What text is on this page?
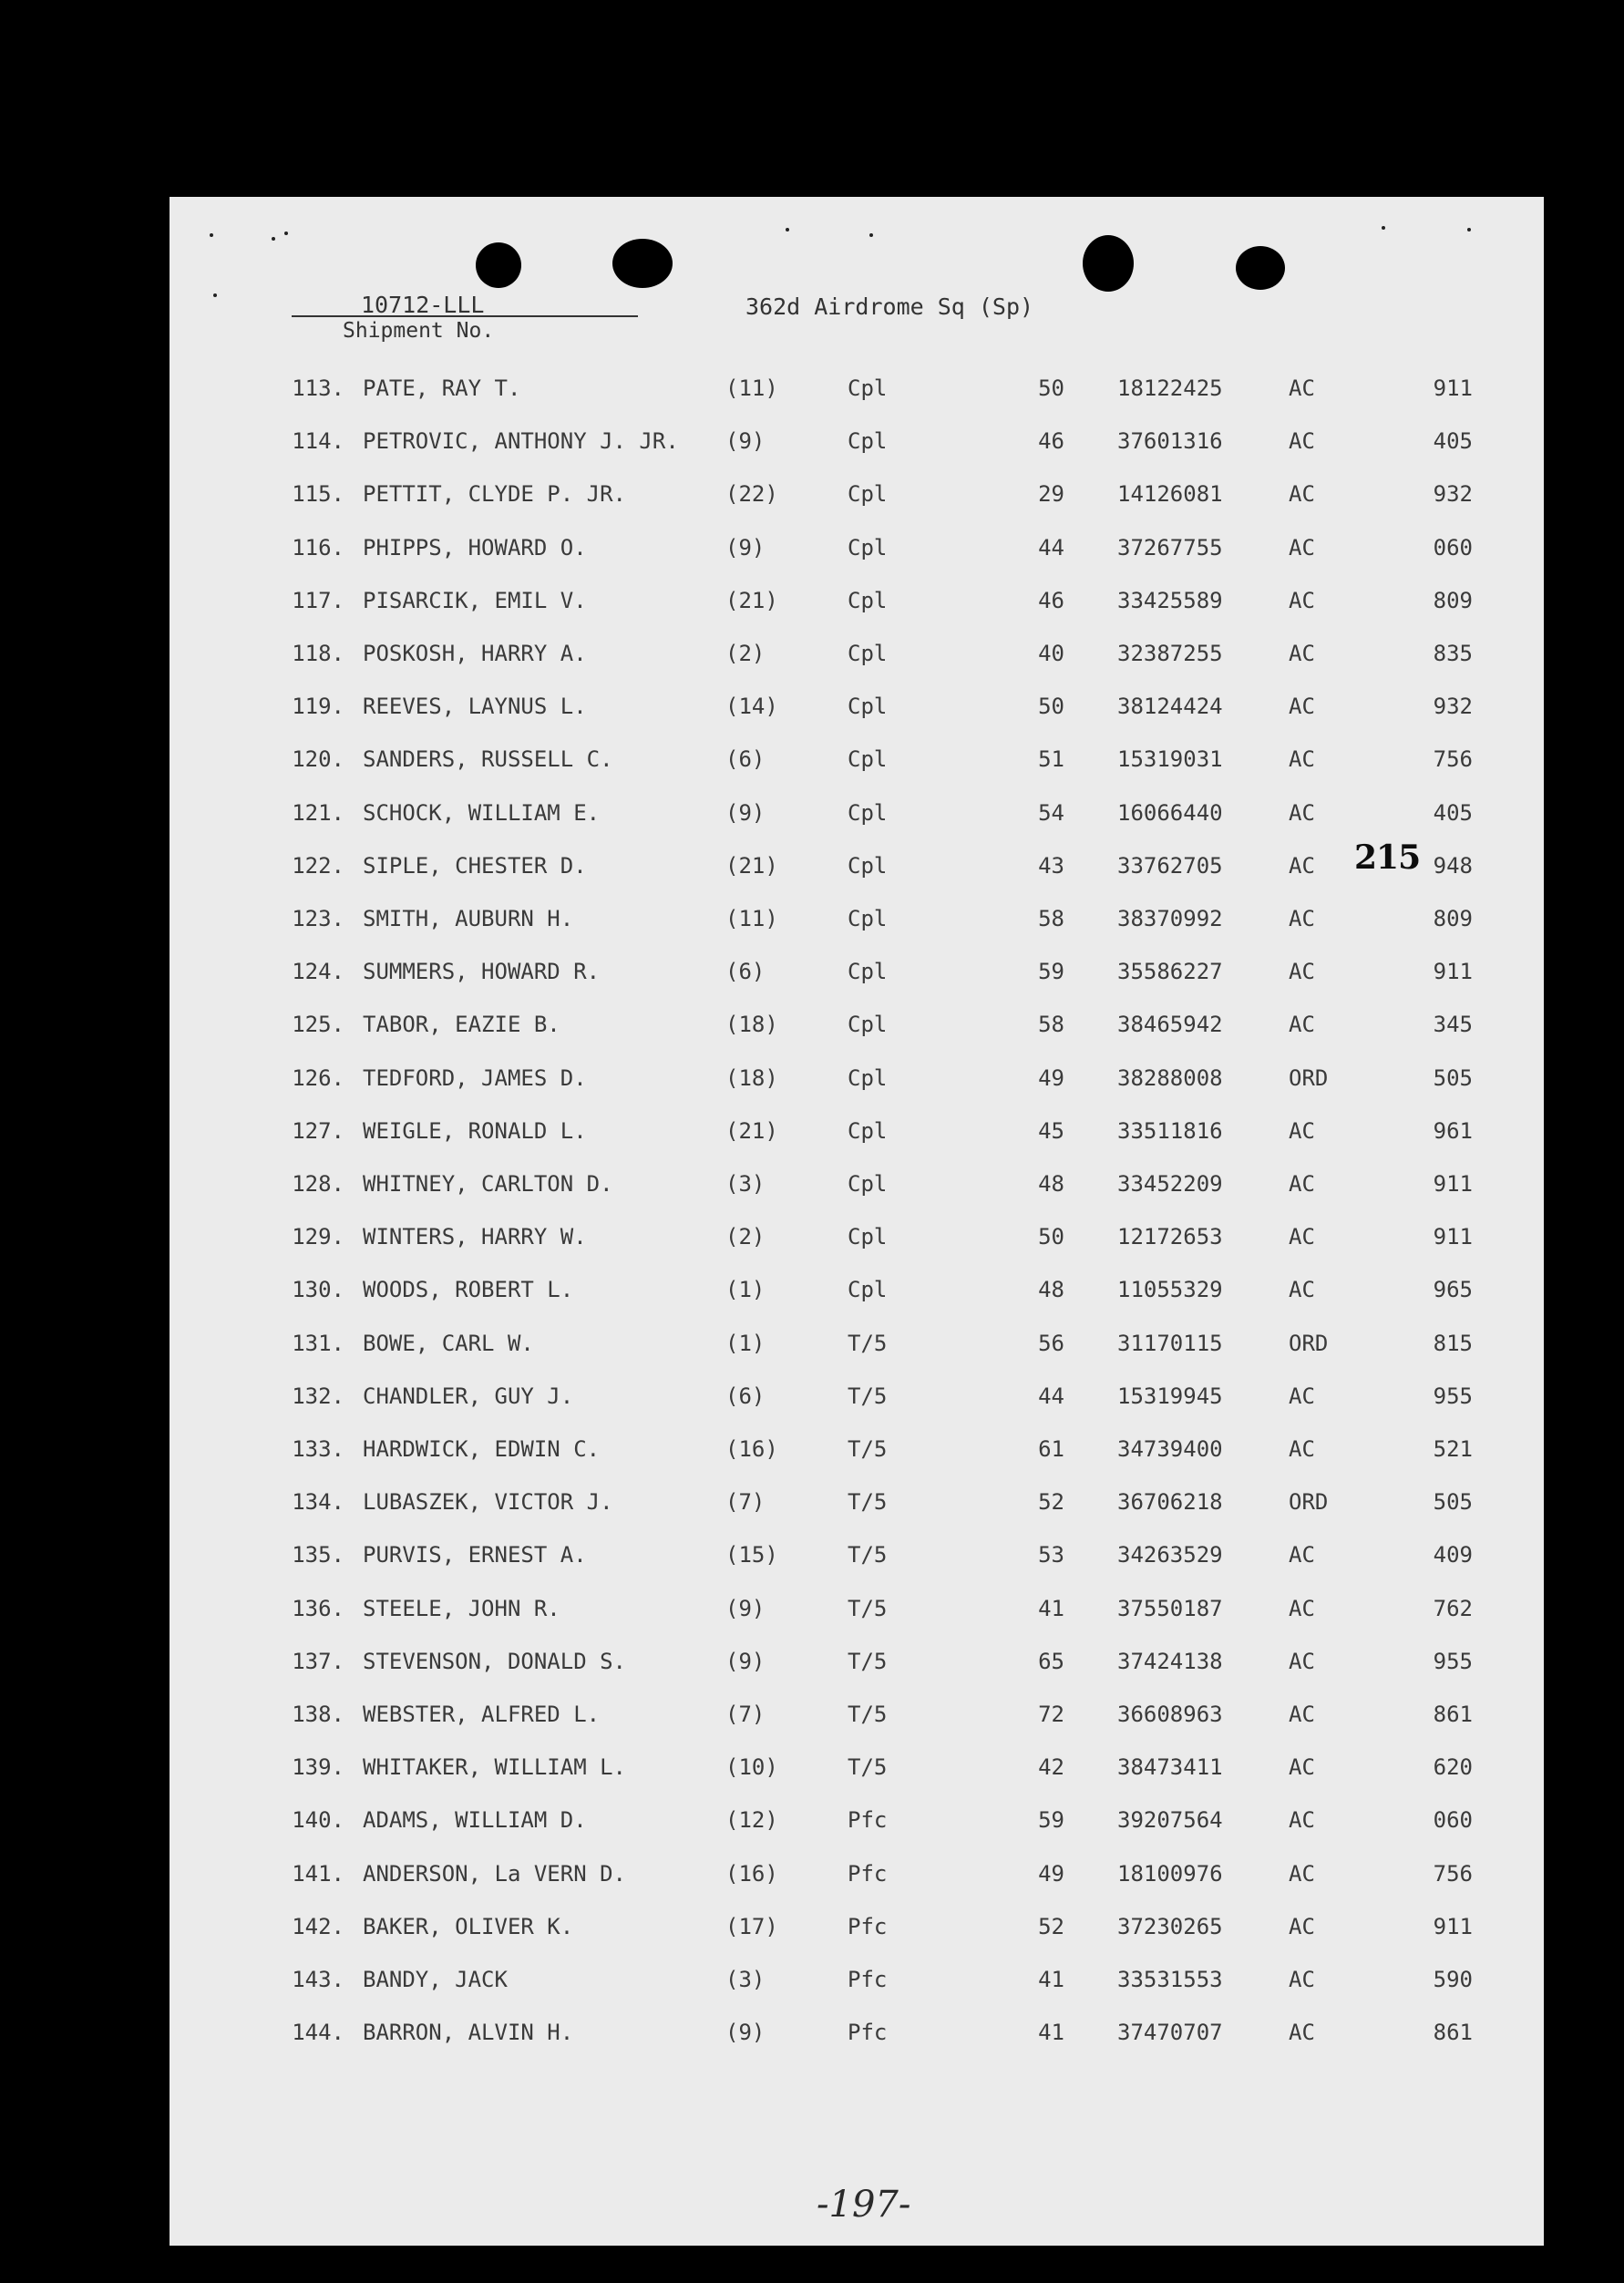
10712-LLL
Shipment No.
362d Airdrome Sq (Sp)
113. PATE, RAY T.	(11)	Cpl	50 18122425	AC	911
114. PETROVIC, ANTHONY J. JR. (9)	Cpl	46 37601316	AC	405
115. PETTIT, CLYDE P. JR.	(22)	Cpl	29 14126081	AC	932
116. PHIPPS, HOWARD O.	(9)	Cpl	44 37267755	AC	060
117. PISARCIK, EMIL V.	(21)	Cpl	46 33425589	AC	809
118. POSKOSH, HARRY A.	(2)	Cpl	40 32387255	AC	835
119. REEVES, LAYNUS L.	(14)	Cpl	50 38124424	AC	932
120. SANDERS, RUSSELL C.	(6)	Cpl	51 15319031	AC	756
121. SCHOCK, WILLIAM E.	(9)	Cpl	54 16066440	AC	405
122. SIPLE, CHESTER D.	(21)	Cpl	43 33762705	AC	948
123. SMITH, AUBURN H.	(11)	Cpl	58 38370992	AC	809
124. SUMMERS, HOWARD R.	(6)	Cpl	59 35586227	AC	911
125. TABOR, EAZIE B.	(18)	Cpl	58 38465942	AC	345
126. TEDFORD, JAMES D.	(18)	Cpl	49 38288008	ORD	505
127. WEIGLE, RONALD L.	(21)	Cpl	45 33511816	AC	961
128. WHITNEY, CARLTON D.	(3)	Cpl	48 33452209	AC	911
129. WINTERS, HARRY W.	(2)	Cpl	50 12172653	AC	911
130. WOODS, ROBERT L.	(1)	Cpl	48 11055329	AC	965
131. BOWE, CARL W.	(1)	T/5	56 31170115	ORD	815
132. CHANDLER, GUY J.	(6)	T/5	44 15319945	AC	955
133. HARDWICK, EDWIN C.	(16)	T/5	61 34739400	AC	521
134. LUBASZEK, VICTOR J.	(7)	T/5	52 36706218	ORD	505
135. PURVIS, ERNEST A.	(15)	T/5	53 34263529	AC	409
136. STEELE, JOHN R.	(9)	T/5	41 37550187	AC	762
137. STEVENSON, DONALD S.	(9)	T/5	65 37424138	AC	955
138. WEBSTER, ALFRED L.	(7)	T/5	72 36608963	AC	861
139. WHITAKER, WILLIAM L.	(10)	T/5	42 38473411	AC	620
140. ADAMS, WILLIAM D.	(12)	Pfc	59 39207564	AC	060
141. ANDERSON, La VERN D.	(16)	Pfc	49 18100976	AC	756
142. BAKER, OLIVER K.	(17)	Pfc	52 37230265	AC	911
143. BANDY, JACK	(3)	Pfc	41 33531553	AC	590
144. BARRON, ALVIN H.	(9)	Pfc	41 37470707	AC	861
215
-197-
